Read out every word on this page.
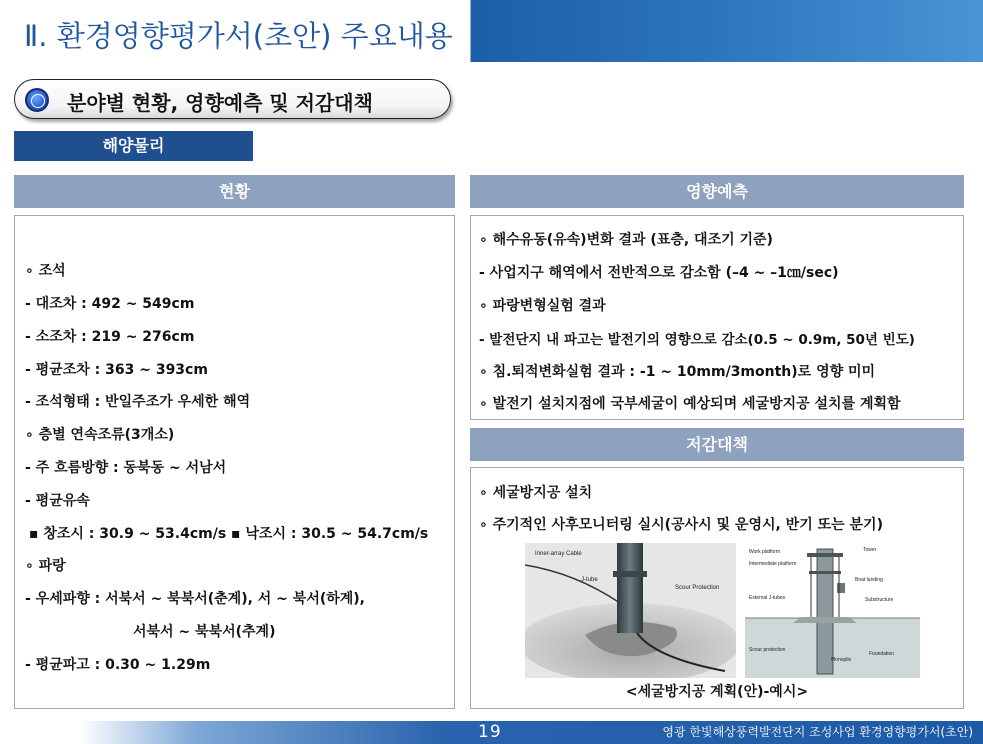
Ⅱ. 환경영향평가서(초안) 주요내용
분야별 현황, 영향예측 및 저감대책
해양물리
현황
∘ 조석
- 대조차 : 492 ~ 549cm
- 소조차 : 219 ~ 276cm
- 평균조차 : 363 ~ 393cm
- 조석형태 : 반일주조가 우세한 해역
∘ 층별 연속조류(3개소)
- 주 흐름방향 : 동북동 ~ 서남서
- 평균유속
▪ 창조시 : 30.9 ~ 53.4cm/s ▪ 낙조시 : 30.5 ~ 54.7cm/s
∘ 파랑
- 우세파향 : 서북서 ~ 북북서(춘계), 서 ~ 북서(하계),
서북서 ~ 북북서(추계)
- 평균파고 : 0.30 ~ 1.29m
영향예측
∘ 해수유동(유속)변화 결과 (표층, 대조기 기준)
- 사업지구 해역에서 전반적으로 감소함 (–4 ~ –1㎝/sec)
∘ 파랑변형실험 결과
- 발전단지 내 파고는 발전기의 영향으로 감소(0.5 ~ 0.9m, 50년 빈도)
∘ 침.퇴적변화실험 결과 : -1 ~ 10mm/3month)로 영향 미미
∘ 발전기 설치지점에 국부세굴이 예상되며 세굴방지공 설치를 계획함
저감대책
∘ 세굴방지공 설치
∘ 주기적인 사후모니터링 실시(공사시 및 운영시, 반기 또는 분기)
Inner-array Cable
J-tube
Scour Protection
Work platform	Tower
Intermediate platform
Boat landing
External J-tubes	Substructure
Scour protection
Monopile
Foundation
<세굴방지공 계획(안)-예시>
19	영광 한빛해상풍력발전단지 조성사업 환경영향평가서(초안)
